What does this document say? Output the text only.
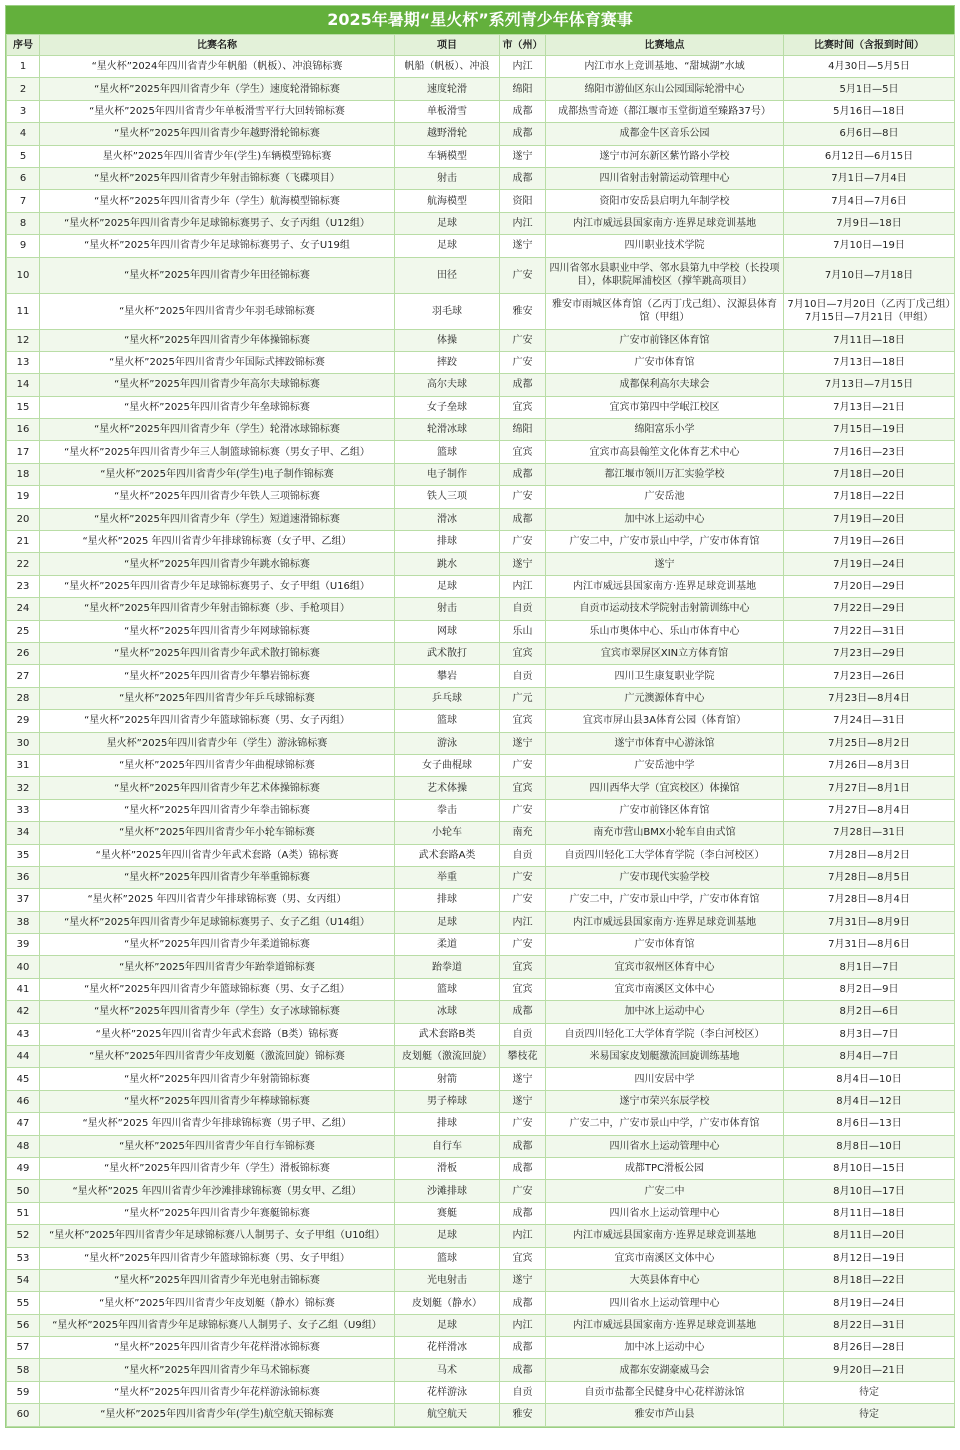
2025年暑期“星火杯”系列青少年体育赛事
序号	比赛名称	项目	市（州）	比赛地点	比赛时间（含报到时间）
1	“星火杯”2024年四川省青少年帆船（帆板）、冲浪锦标赛	帆船（帆板）、冲浪	内江	内江市水上竞训基地、“甜城湖”水域	4月30日—5月5日
2	“星火杯”2025年四川省青少年（学生）速度轮滑锦标赛	速度轮滑	绵阳	绵阳市游仙区东山公园国际轮滑中心	5月1日—5日
3	“星火杯”2025年四川省青少年单板滑雪平行大回转锦标赛	单板滑雪	成都	成都热雪奇迹（都江堰市玉堂街道至臻路37号）	5月16日—18日
4	“星火杯”2025年四川省青少年越野滑轮锦标赛	越野滑轮	成都	成都金牛区音乐公园	6月6日—8日
5	星火杯”2025年四川省青少年(学生)车辆模型锦标赛	车辆模型	遂宁	遂宁市河东新区紫竹路小学校	6月12日—6月15日
6	“星火杯”2025年四川省青少年射击锦标赛（飞碟项目）	射击	成都	四川省射击射箭运动管理中心	7月1日—7月4日
7	“星火杯”2025年四川省青少年（学生）航海模型锦标赛	航海模型	资阳	资阳市安岳县启明九年制学校	7月4日—7月6日
8	“星火杯”2025年四川省青少年足球锦标赛男子、女子丙组（U12组）	足球	内江	内江市威远县国家南方·连界足球竞训基地	7月9日—18日
9	“星火杯”2025年四川省青少年足球锦标赛男子、女子U19组	足球	遂宁	四川职业技术学院	7月10日—19日
10	“星火杯”2025年四川省青少年田径锦标赛	田径	广安	四川省邻水县职业中学、邻水县第九中学校（长投项目），体职院犀浦校区（撑竿跳高项目）	7月10日—7月18日
11	“星火杯”2025年四川省青少年羽毛球锦标赛	羽毛球	雅安	雅安市雨城区体育馆（乙丙丁戊己组）、汉源县体育馆（甲组）	7月10日—7月20日（乙丙丁戊己组）7月15日—7月21日（甲组）
12	“星火杯”2025年四川省青少年体操锦标赛	体操	广安	广安市前锋区体育馆	7月11日—18日
13	“星火杯”2025年四川省青少年国际式摔跤锦标赛	摔跤	广安	广安市体育馆	7月13日—18日
14	“星火杯”2025年四川省青少年高尔夫球锦标赛	高尔夫球	成都	成都保利高尔夫球会	7月13日—7月15日
15	“星火杯”2025年四川省青少年垒球锦标赛	女子垒球	宜宾	宜宾市第四中学岷江校区	7月13日—21日
16	“星火杯”2025年四川省青少年（学生）轮滑冰球锦标赛	轮滑冰球	绵阳	绵阳富乐小学	7月15日—19日
17	“星火杯”2025年四川省青少年三人制篮球锦标赛（男女子甲、乙组）	篮球	宜宾	宜宾市高县翰笙文化体育艺术中心	7月16日—23日
18	“星火杯”2025年四川省青少年(学生)电子制作锦标赛	电子制作	成都	都江堰市领川万汇实验学校	7月18日—20日
19	“星火杯”2025年四川省青少年铁人三项锦标赛	铁人三项	广安	广安岳池	7月18日—22日
20	“星火杯”2025年四川省青少年（学生）短道速滑锦标赛	滑冰	成都	加中冰上运动中心	7月19日—20日
21	“星火杯”2025 年四川省青少年排球锦标赛（女子甲、乙组）	排球	广安	广安二中，广安市景山中学，广安市体育馆	7月19日—26日
22	“星火杯”2025年四川省青少年跳水锦标赛	跳水	遂宁	遂宁	7月19日—24日
23	“星火杯”2025年四川省青少年足球锦标赛男子、女子甲组（U16组）	足球	内江	内江市威远县国家南方·连界足球竞训基地	7月20日—29日
24	“星火杯”2025年四川省青少年射击锦标赛（步、手枪项目）	射击	自贡	自贡市运动技术学院射击射箭训练中心	7月22日—29日
25	“星火杯”2025年四川省青少年网球锦标赛	网球	乐山	乐山市奥体中心、乐山市体育中心	7月22日—31日
26	“星火杯”2025年四川省青少年武术散打锦标赛	武术散打	宜宾	宜宾市翠屏区XIN立方体育馆	7月23日—29日
27	“星火杯”2025年四川省青少年攀岩锦标赛	攀岩	自贡	四川卫生康复职业学院	7月23日—26日
28	“星火杯”2025年四川省青少年乒乓球锦标赛	乒乓球	广元	广元澳源体育中心	7月23日—8月4日
29	“星火杯”2025年四川省青少年篮球锦标赛（男、女子丙组）	篮球	宜宾	宜宾市屏山县3A体育公园（体育馆）	7月24日—31日
30	星火杯”2025年四川省青少年（学生）游泳锦标赛	游泳	遂宁	遂宁市体育中心游泳馆	7月25日—8月2日
31	“星火杯”2025年四川省青少年曲棍球锦标赛	女子曲棍球	广安	广安岳池中学	7月26日—8月3日
32	“星火杯”2025年四川省青少年艺术体操锦标赛	艺术体操	宜宾	四川西华大学（宜宾校区）体操馆	7月27日—8月1日
33	“星火杯”2025年四川省青少年拳击锦标赛	拳击	广安	广安市前锋区体育馆	7月27日—8月4日
34	“星火杯”2025年四川省青少年小轮车锦标赛	小轮车	南充	南充市营山BMX小轮车自由式馆	7月28日—31日
35	“星火杯”2025年四川省青少年武术套路（A类）锦标赛	武术套路A类	自贡	自贡四川轻化工大学体育学院（李白河校区）	7月28日—8月2日
36	“星火杯”2025年四川省青少年举重锦标赛	举重	广安	广安市现代实验学校	7月28日—8月5日
37	“星火杯”2025 年四川省青少年排球锦标赛（男、女丙组）	排球	广安	广安二中，广安市景山中学，广安市体育馆	7月28日—8月4日
38	“星火杯”2025年四川省青少年足球锦标赛男子、女子乙组（U14组）	足球	内江	内江市威远县国家南方·连界足球竞训基地	7月31日—8月9日
39	“星火杯”2025年四川省青少年柔道锦标赛	柔道	广安	广安市体育馆	7月31日—8月6日
40	“星火杯”2025年四川省青少年跆拳道锦标赛	跆拳道	宜宾	宜宾市叙州区体育中心	8月1日—7日
41	“星火杯”2025年四川省青少年篮球锦标赛（男、女子乙组）	篮球	宜宾	宜宾市南溪区文体中心	8月2日—9日
42	“星火杯”2025年四川省青少年（学生）女子冰球锦标赛	冰球	成都	加中冰上运动中心	8月2日—6日
43	“星火杯”2025年四川省青少年武术套路（B类）锦标赛	武术套路B类	自贡	自贡四川轻化工大学体育学院（李白河校区）	8月3日—7日
44	“星火杯”2025年四川省青少年皮划艇（激流回旋）锦标赛	皮划艇（激流回旋）	攀枝花	米易国家皮划艇激流回旋训练基地	8月4日—7日
45	“星火杯”2025年四川省青少年射箭锦标赛	射箭	遂宁	四川安居中学	8月4日—10日
46	“星火杯”2025年四川省青少年棒球锦标赛	男子棒球	遂宁	遂宁市荣兴东辰学校	8月4日—12日
47	“星火杯”2025 年四川省青少年排球锦标赛（男子甲、乙组）	排球	广安	广安二中，广安市景山中学，广安市体育馆	8月6日—13日
48	“星火杯”2025年四川省青少年自行车锦标赛	自行车	成都	四川省水上运动管理中心	8月8日—10日
49	“星火杯”2025年四川省青少年（学生）滑板锦标赛	滑板	成都	成都TPC滑板公园	8月10日—15日
50	“星火杯”2025 年四川省青少年沙滩排球锦标赛（男女甲、乙组）	沙滩排球	广安	广安二中	8月10日—17日
51	“星火杯”2025年四川省青少年赛艇锦标赛	赛艇	成都	四川省水上运动管理中心	8月11日—18日
52	“星火杯”2025年四川省青少年足球锦标赛八人制男子、女子甲组（U10组）	足球	内江	内江市威远县国家南方·连界足球竞训基地	8月11日—20日
53	“星火杯”2025年四川省青少年篮球锦标赛（男、女子甲组）	篮球	宜宾	宜宾市南溪区文体中心	8月12日—19日
54	“星火杯”2025年四川省青少年光电射击锦标赛	光电射击	遂宁	大英县体育中心	8月18日—22日
55	“星火杯”2025年四川省青少年皮划艇（静水）锦标赛	皮划艇（静水）	成都	四川省水上运动管理中心	8月19日—24日
56	“星火杯”2025年四川省青少年足球锦标赛八人制男子、女子乙组（U9组）	足球	内江	内江市威远县国家南方·连界足球竞训基地	8月22日—31日
57	“星火杯”2025年四川省青少年花样滑冰锦标赛	花样滑冰	成都	加中冰上运动中心	8月26日—28日
58	“星火杯”2025年四川省青少年马术锦标赛	马术	成都	成都东安湖豪威马会	9月20日—21日
59	“星火杯”2025年四川省青少年花样游泳锦标赛	花样游泳	自贡	自贡市盐都全民健身中心花样游泳馆	待定
60	“星火杯”2025年四川省青少年(学生)航空航天锦标赛	航空航天	雅安	雅安市芦山县	待定
